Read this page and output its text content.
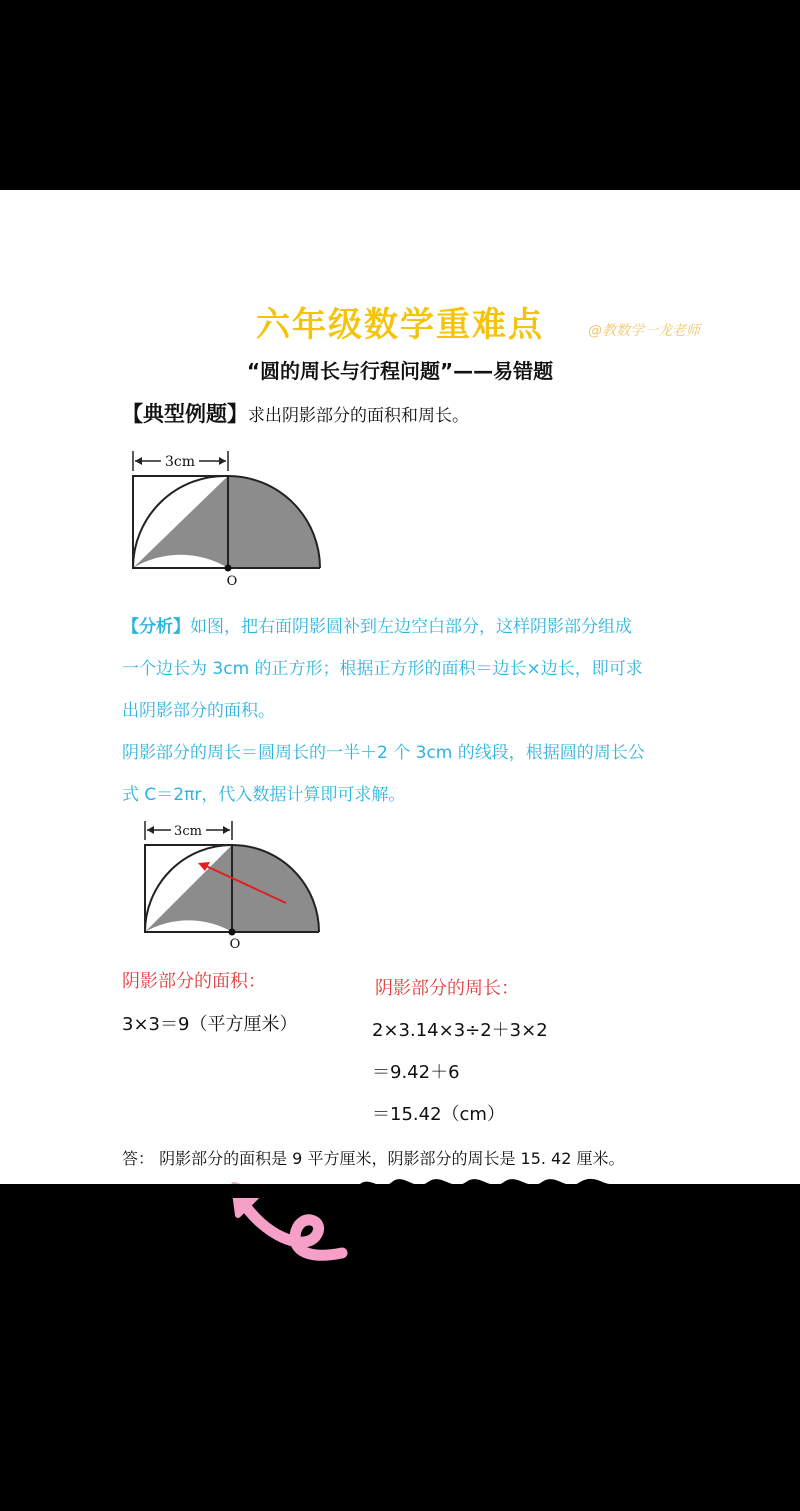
六年级数学重难点	@教数学一龙老师
“圆的周长与行程问题”——易错题
【典型例题】求出阴影部分的面积和周长。
3cm
O
【分析】如图，把右面阴影圆补到左边空白部分，这样阴影部分组成
一个边长为 3cm 的正方形；根据正方形的面积＝边长×边长，即可求
出阴影部分的面积。
阴影部分的周长＝圆周长的一半＋2 个 3cm 的线段，根据圆的周长公
式 C＝2πr，代入数据计算即可求解。
3cm
O
阴影部分的面积：
3×3＝9（平方厘米）
阴影部分的周长：
2×3.14×3÷2＋3×2
＝9.42＋6
＝15.42（cm）
答： 阴影部分的面积是 9 平方厘米，阴影部分的周长是 15. 42 厘米。
点赞关注
共赴知识盛宴
